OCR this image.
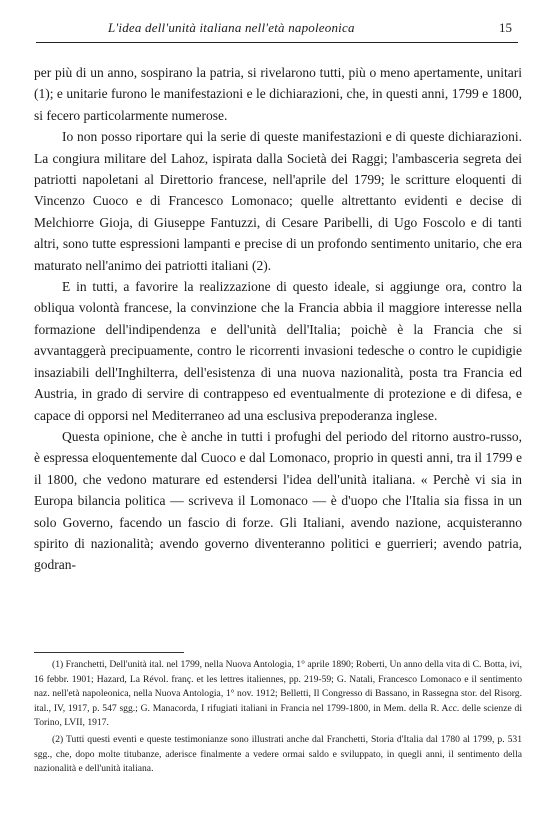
L'idea dell'unità italiana nell'età napoleonica	15

per più di un anno, sospirano la patria, si rivelarono tutti, più o meno apertamente, unitari (1); e unitarie furono le manifestazioni e le dichiarazioni, che, in questi anni, 1799 e 1800, si fecero particolarmente numerose.

Io non posso riportare qui la serie di queste manifestazioni e di queste dichiarazioni. La congiura militare del Lahoz, ispirata dalla Società dei Raggi; l'ambasceria segreta dei patriotti napoletani al Direttorio francese, nell'aprile del 1799; le scritture eloquenti di Vincenzo Cuoco e di Francesco Lomonaco; quelle altrettanto evidenti e decise di Melchiorre Gioja, di Giuseppe Fantuzzi, di Cesare Paribelli, di Ugo Foscolo e di tanti altri, sono tutte espressioni lampanti e precise di un profondo sentimento unitario, che era maturato nell'animo dei patriotti italiani (2).

E in tutti, a favorire la realizzazione di questo ideale, si aggiunge ora, contro la obliqua volontà francese, la convinzione che la Francia abbia il maggiore interesse nella formazione dell'indipendenza e dell'unità dell'Italia; poichè è la Francia che si avvantaggerà precipuamente, contro le ricorrenti invasioni tedesche o contro le cupidigie insaziabili dell'Inghilterra, dell'esistenza di una nuova nazionalità, posta tra Francia ed Austria, in grado di servire di contrappeso ed eventualmente di protezione e di difesa, e capace di opporsi nel Mediterraneo ad una esclusiva prepoderanza inglese.

Questa opinione, che è anche in tutti i profughi del periodo del ritorno austro-russo, è espressa eloquentemente dal Cuoco e dal Lomonaco, proprio in questi anni, tra il 1799 e il 1800, che vedono maturare ed estendersi l'idea dell'unità italiana. « Perchè vi sia in Europa bilancia politica — scriveva il Lomonaco — è d'uopo che l'Italia sia fissa in un solo Governo, facendo un fascio di forze. Gli Italiani, avendo nazione, acquisteranno spirito di nazionalità; avendo governo diventeranno politici e guerrieri; avendo patria, godran-

(1) Franchetti, Dell'unità ital. nel 1799, nella Nuova Antologia, 1° aprile 1890; Roberti, Un anno della vita di C. Botta, ivi, 16 febbr. 1901; Hazard, La Révol. franç. et les lettres italiennes, pp. 219-59; G. Natali, Francesco Lomonaco e il sentimento naz. nell'età napoleonica, nella Nuova Antologia, 1° nov. 1912; Belletti, Il Congresso di Bassano, in Rassegna stor. del Risorg. ital., IV, 1917, p. 547 sgg.; G. Manacorda, I rifugiati italiani in Francia nel 1799-1800, in Mem. della R. Acc. delle scienze di Torino, LVII, 1917.

(2) Tutti questi eventi e queste testimonianze sono illustrati anche dal Franchetti, Storia d'Italia dal 1780 al 1799, p. 531 sgg., che, dopo molte titubanze, aderisce finalmente a vedere ormai saldo e sviluppato, in quegli anni, il sentimento della nazionalità e dell'unità italiana.
